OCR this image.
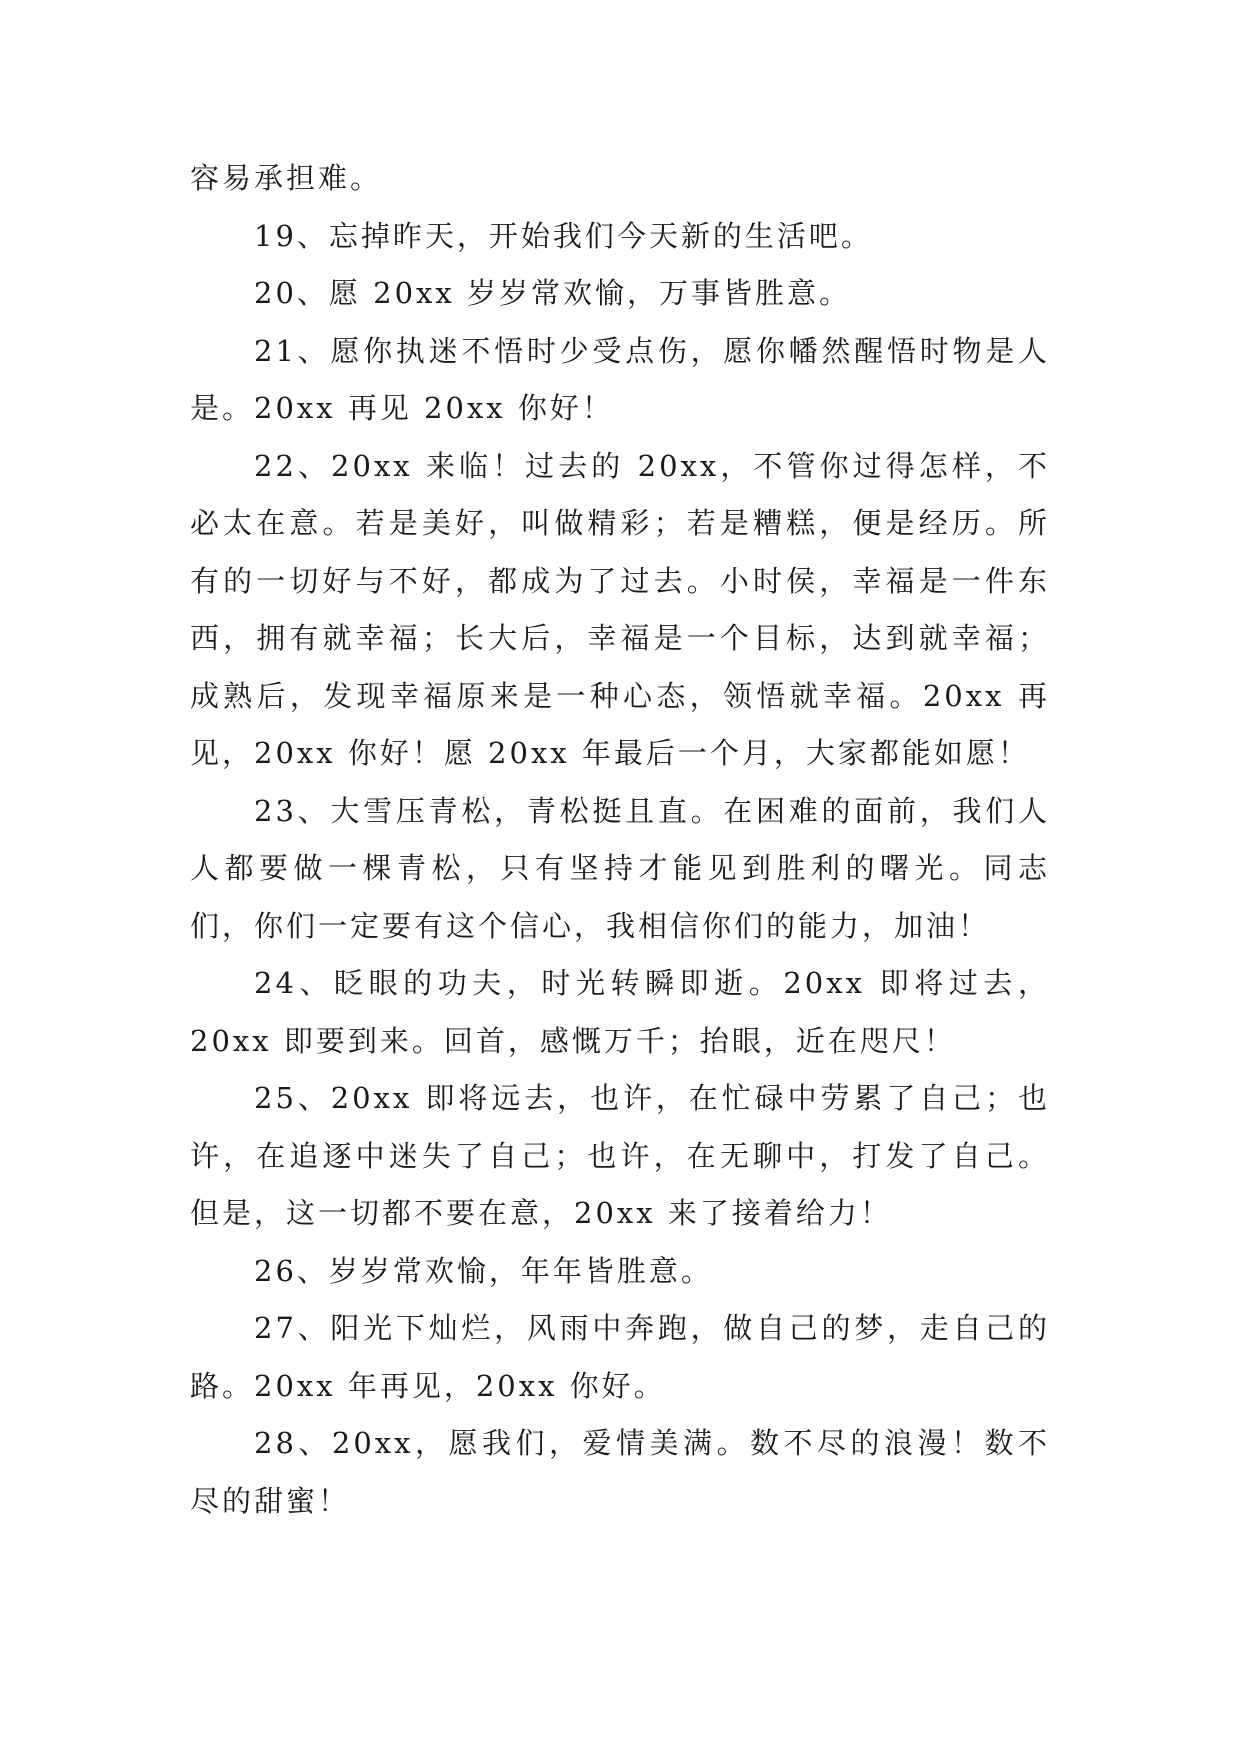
容易承担难。

19、忘掉昨天，开始我们今天新的生活吧。

20、愿 20xx 岁岁常欢愉，万事皆胜意。

21、愿你执迷不悟时少受点伤，愿你幡然醒悟时物是人是。20xx 再见 20xx 你好！

22、20xx 来临！过去的 20xx，不管你过得怎样，不必太在意。若是美好，叫做精彩；若是糟糕，便是经历。所有的一切好与不好，都成为了过去。小时侯，幸福是一件东西，拥有就幸福；长大后，幸福是一个目标，达到就幸福；成熟后，发现幸福原来是一种心态，领悟就幸福。20xx 再见，20xx 你好！愿 20xx 年最后一个月，大家都能如愿！

23、大雪压青松，青松挺且直。在困难的面前，我们人人都要做一棵青松，只有坚持才能见到胜利的曙光。同志们，你们一定要有这个信心，我相信你们的能力，加油！

24、眨眼的功夫，时光转瞬即逝。20xx 即将过去，20xx 即要到来。回首，感慨万千；抬眼，近在咫尺！

25、20xx 即将远去，也许，在忙碌中劳累了自己；也许，在追逐中迷失了自己；也许，在无聊中，打发了自己。但是，这一切都不要在意，20xx 来了接着给力！

26、岁岁常欢愉，年年皆胜意。

27、阳光下灿烂，风雨中奔跑，做自己的梦，走自己的路。20xx 年再见，20xx 你好。

28、20xx，愿我们，爱情美满。数不尽的浪漫！数不尽的甜蜜！
